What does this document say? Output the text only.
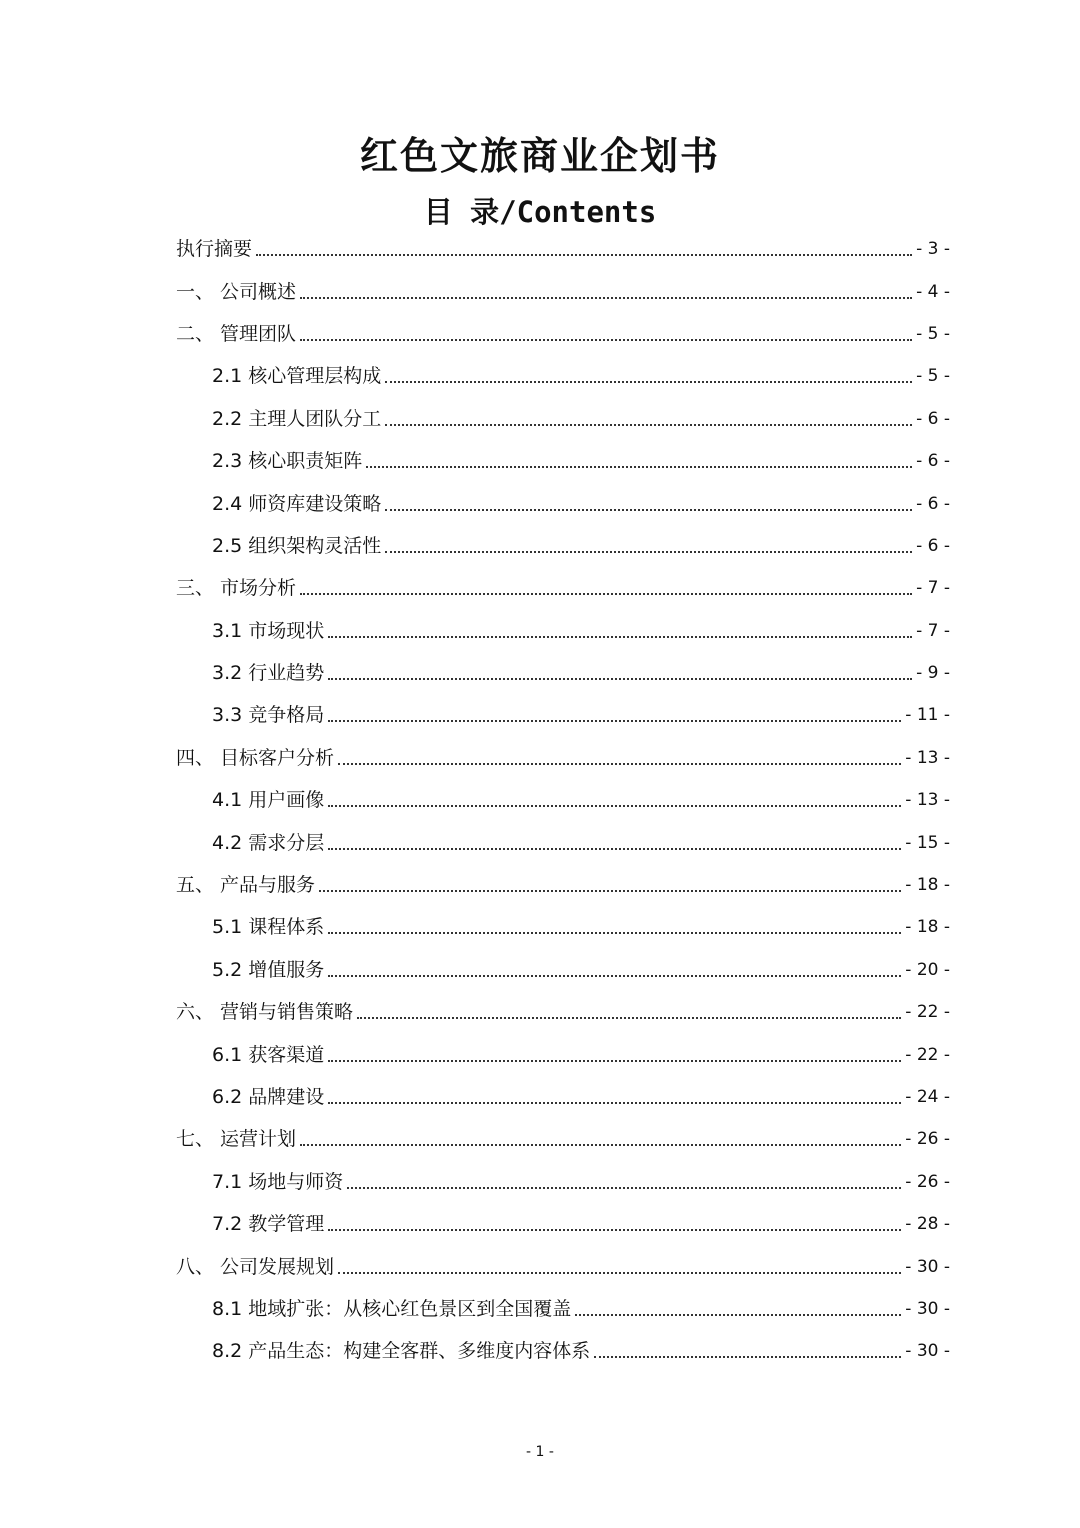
红色文旅商业企划书
目 录/Contents
执行摘要	- 3 -
一、 公司概述	- 4 -
二、 管理团队	- 5 -
2.1 核心管理层构成	- 5 -
2.2 主理人团队分工	- 6 -
2.3 核心职责矩阵	- 6 -
2.4 师资库建设策略	- 6 -
2.5 组织架构灵活性	- 6 -
三、 市场分析	- 7 -
3.1 市场现状	- 7 -
3.2 行业趋势	- 9 -
3.3 竞争格局	- 11 -
四、 目标客户分析	- 13 -
4.1 用户画像	- 13 -
4.2 需求分层	- 15 -
五、 产品与服务	- 18 -
5.1 课程体系	- 18 -
5.2 增值服务	- 20 -
六、 营销与销售策略	- 22 -
6.1 获客渠道	- 22 -
6.2 品牌建设	- 24 -
七、 运营计划	- 26 -
7.1 场地与师资	- 26 -
7.2 教学管理	- 28 -
八、 公司发展规划	- 30 -
8.1 地域扩张：从核心红色景区到全国覆盖	- 30 -
8.2 产品生态：构建全客群、多维度内容体系	- 30 -
- 1 -
